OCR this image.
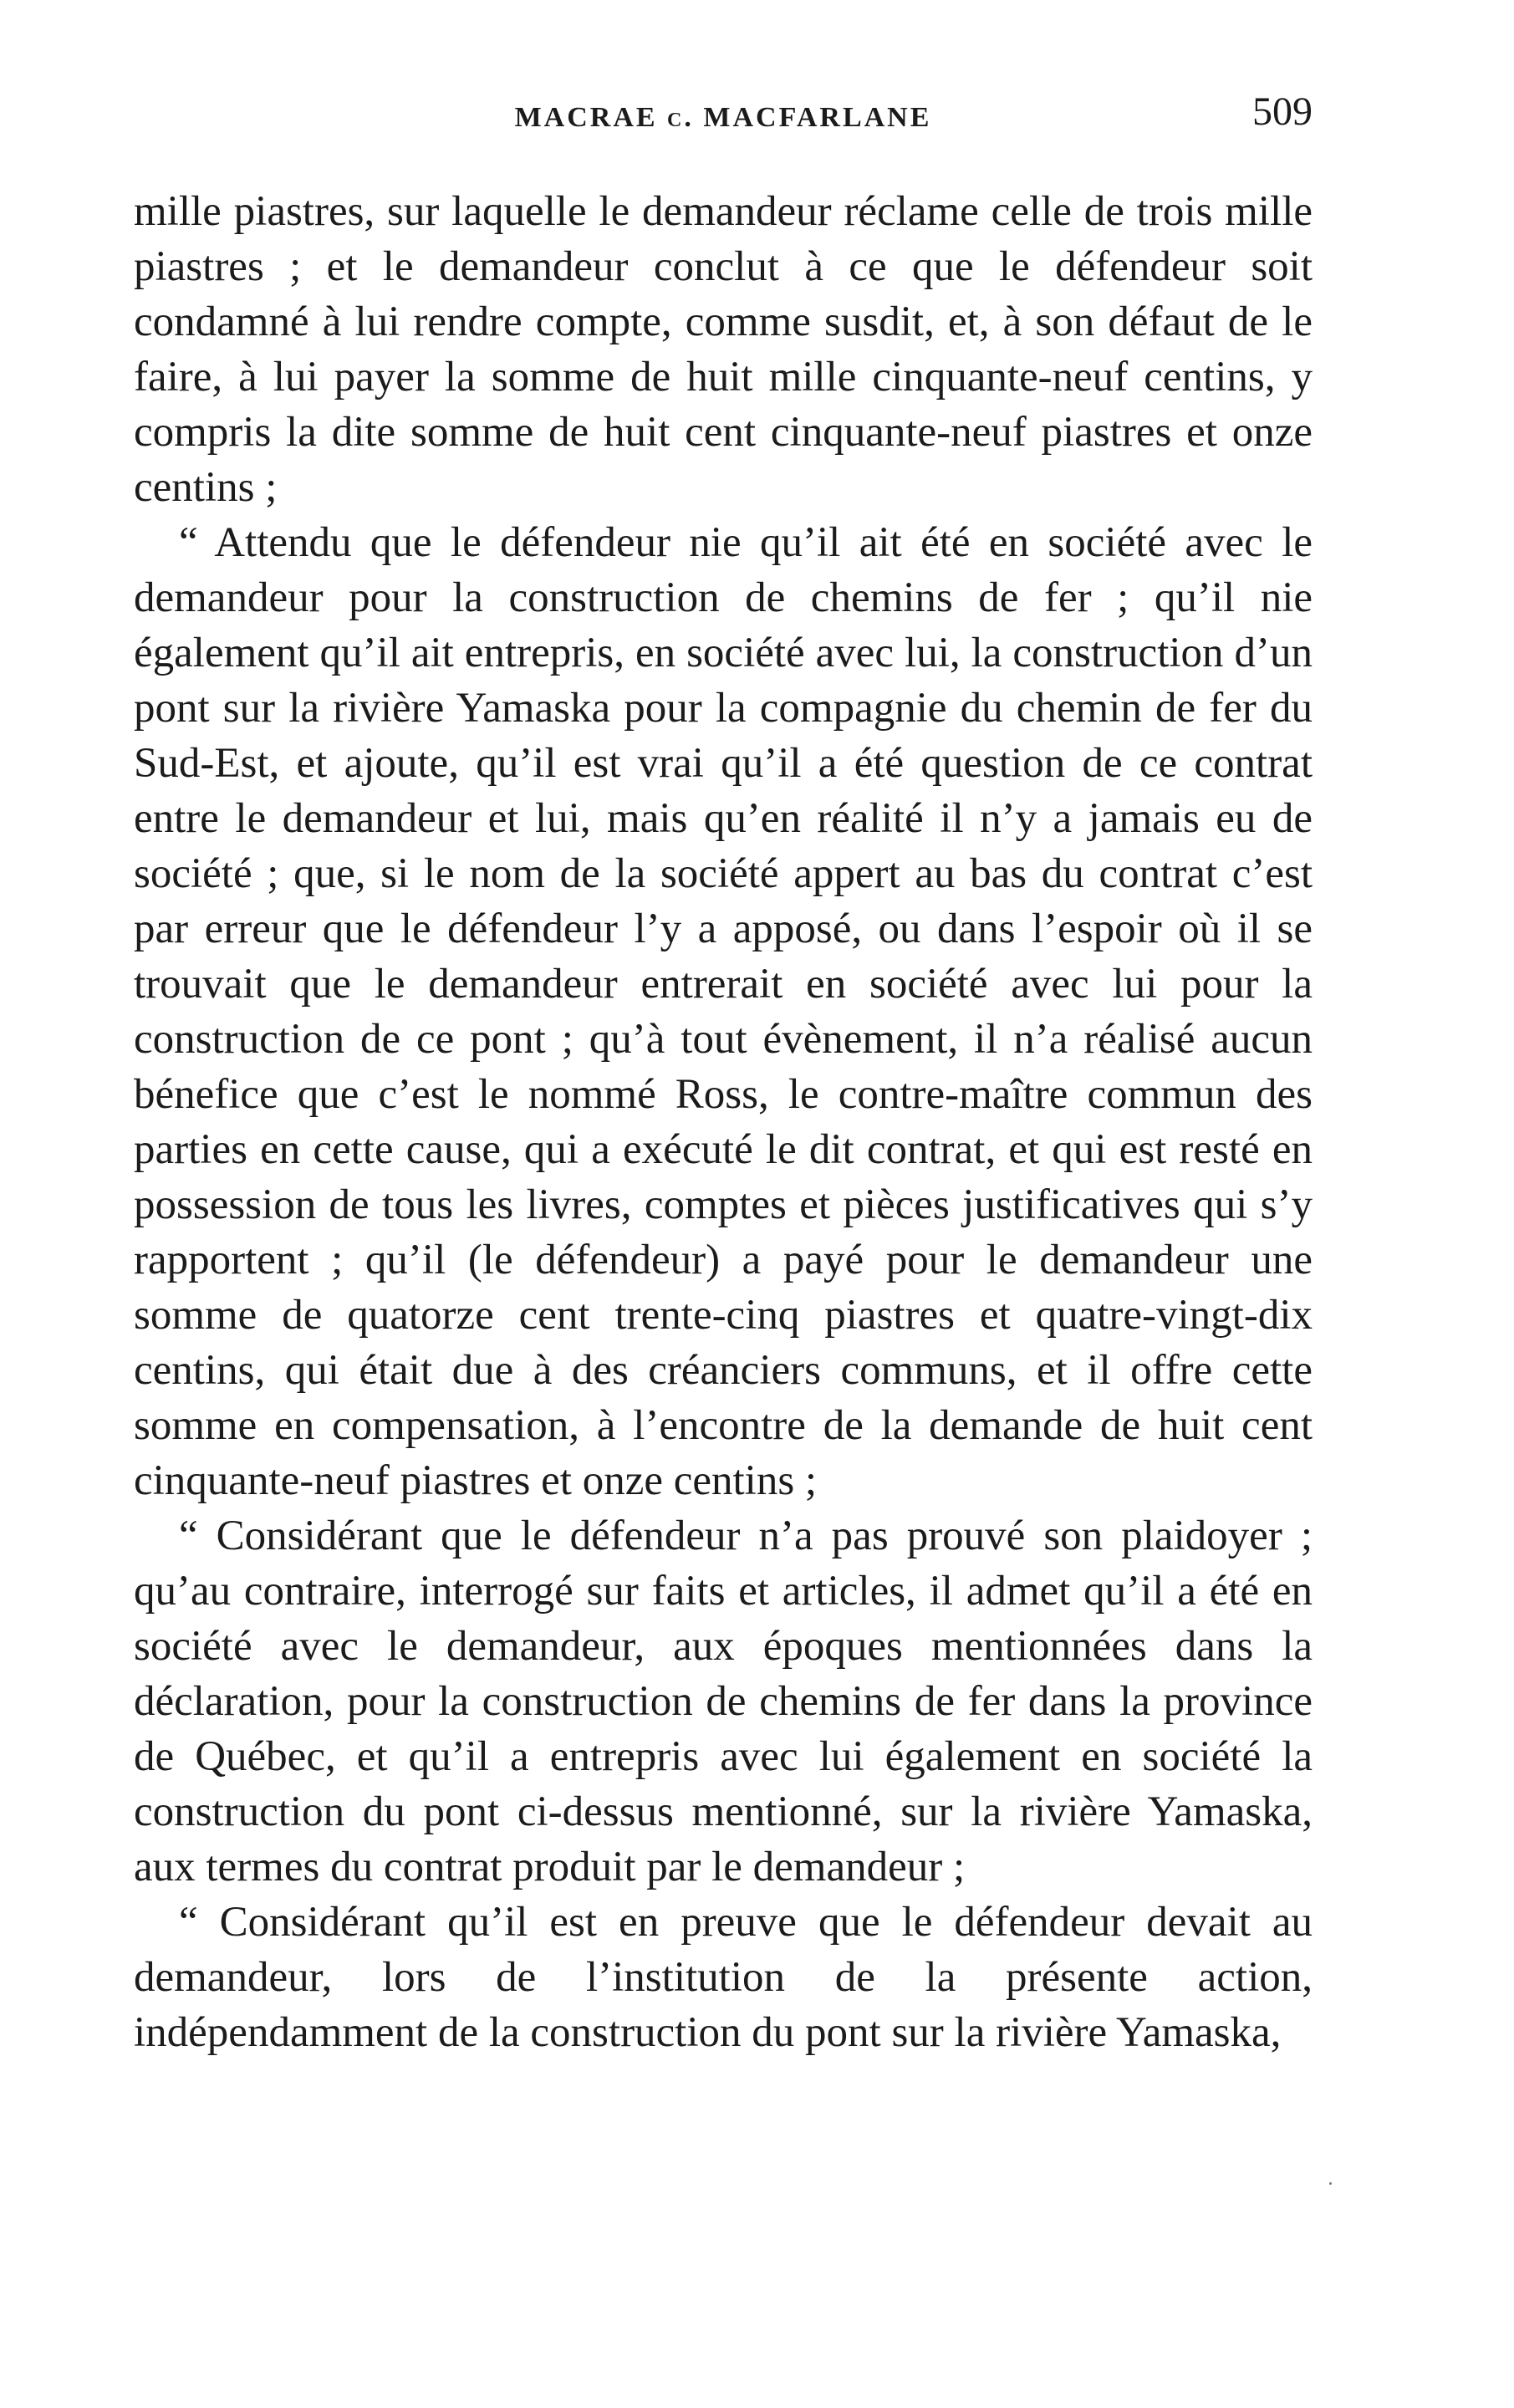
MACRAE c. MACFARLANE	509

mille piastres, sur laquelle le demandeur réclame celle de trois mille piastres ; et le demandeur conclut à ce que le défendeur soit condamné à lui rendre compte, comme susdit, et, à son défaut de le faire, à lui payer la somme de huit mille cinquante-neuf centins, y compris la dite somme de huit cent cinquante-neuf piastres et onze centins ;

“ Attendu que le défendeur nie qu’il ait été en société avec le demandeur pour la construction de chemins de fer ; qu’il nie également qu’il ait entrepris, en société avec lui, la construction d’un pont sur la rivière Yamaska pour la compagnie du chemin de fer du Sud-Est, et ajoute, qu’il est vrai qu’il a été question de ce contrat entre le demandeur et lui, mais qu’en réalité il n’y a jamais eu de société ; que, si le nom de la société appert au bas du contrat c’est par erreur que le défendeur l’y a apposé, ou dans l’espoir où il se trouvait que le demandeur entrerait en société avec lui pour la construction de ce pont ; qu’à tout évènement, il n’a réalisé aucun bénefice que c’est le nommé Ross, le contre-maître commun des parties en cette cause, qui a exécuté le dit contrat, et qui est resté en possession de tous les livres, comptes et pièces justificatives qui s’y rapportent ; qu’il (le défendeur) a payé pour le demandeur une somme de quatorze cent trente-cinq piastres et quatre-vingt-dix centins, qui était due à des créanciers communs, et il offre cette somme en compensation, à l’encontre de la demande de huit cent cinquante-neuf piastres et onze centins ;

“ Considérant que le défendeur n’a pas prouvé son plaidoyer ; qu’au contraire, interrogé sur faits et articles, il admet qu’il a été en société avec le demandeur, aux époques mentionnées dans la déclaration, pour la construction de chemins de fer dans la province de Québec, et qu’il a entrepris avec lui également en société la construction du pont ci-dessus mentionné, sur la rivière Yamaska, aux termes du contrat produit par le demandeur ;

“ Considérant qu’il est en preuve que le défendeur devait au demandeur, lors de l’institution de la présente action, indépendamment de la construction du pont sur la rivière Yamaska,
